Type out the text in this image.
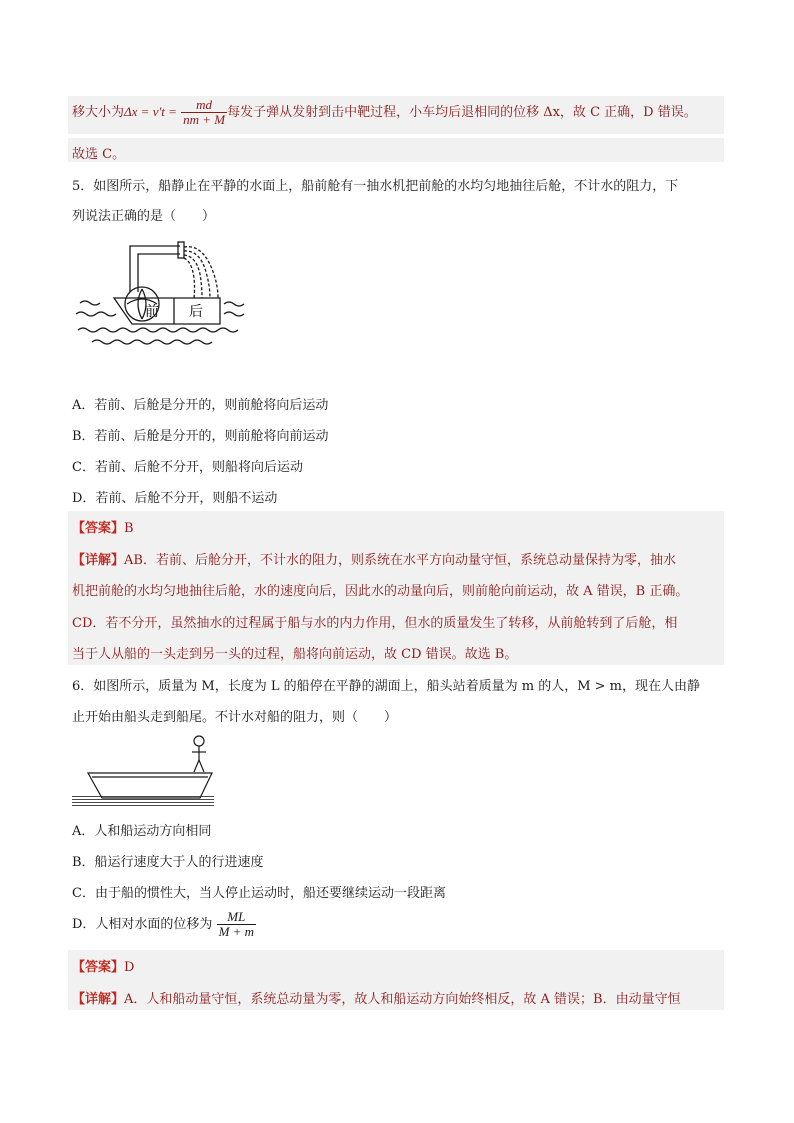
移大小为$\Delta x = v't = \frac{md}{nm + M}$ 每发子弹从发射到击中靶过程，小车均后退相同的位移 Δx，故 C 正确，D 错误。
故选 C。
5．如图所示，船静止在平静的水面上，船前舱有一抽水机把前舱的水均匀地抽往后舱，不计水的阻力，下
列说法正确的是（　　）
前 后
A．若前、后舱是分开的，则前舱将向后运动
B．若前、后舱是分开的，则前舱将向前运动
C．若前、后舱不分开，则船将向后运动
D．若前、后舱不分开，则船不运动
【答案】B
【详解】AB．若前、后舱分开，不计水的阻力，则系统在水平方向动量守恒，系统总动量保持为零，抽水
机把前舱的水均匀地抽往后舱，水的速度向后，因此水的动量向后，则前舱向前运动，故 A 错误，B 正确。
CD．若不分开，虽然抽水的过程属于船与水的内力作用，但水的质量发生了转移，从前舱转到了后舱，相
当于人从船的一头走到另一头的过程，船将向前运动，故 CD 错误。故选 B。
6．如图所示，质量为 M，长度为 L 的船停在平静的湖面上，船头站着质量为 m 的人，M > m，现在人由静
止开始由船头走到船尾。不计水对船的阻力，则（　　）
A．人和船运动方向相同
B．船运行速度大于人的行进速度
C．由于船的惯性大，当人停止运动时，船还要继续运动一段距离
D．人相对水面的位移为 $\frac{ML}{M + m}$
【答案】D
【详解】A．人和船动量守恒，系统总动量为零，故人和船运动方向始终相反，故 A 错误；B．由动量守恒
